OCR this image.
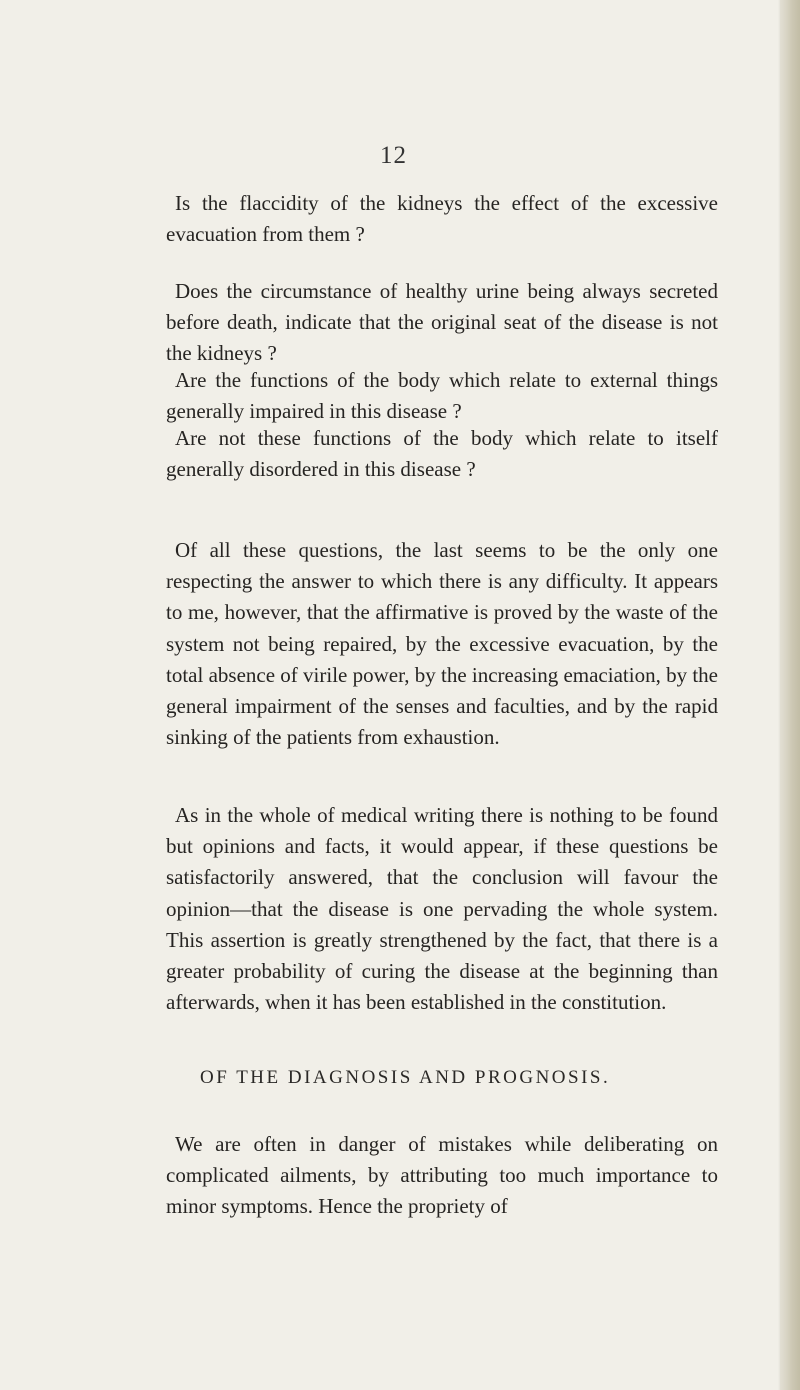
12

Is the flaccidity of the kidneys the effect of the excessive evacuation from them ?

Does the circumstance of healthy urine being always secreted before death, indicate that the original seat of the disease is not the kidneys ?

Are the functions of the body which relate to external things generally impaired in this disease ?

Are not these functions of the body which relate to itself generally disordered in this disease ?

Of all these questions, the last seems to be the only one respecting the answer to which there is any difficulty. It appears to me, however, that the affirmative is proved by the waste of the system not being repaired, by the excessive evacuation, by the total absence of virile power, by the increasing emaciation, by the general impairment of the senses and faculties, and by the rapid sinking of the patients from exhaustion.

As in the whole of medical writing there is nothing to be found but opinions and facts, it would appear, if these questions be satisfactorily answered, that the conclusion will favour the opinion—that the disease is one pervading the whole system. This assertion is greatly strengthened by the fact, that there is a greater probability of curing the disease at the beginning than afterwards, when it has been established in the constitution.

OF THE DIAGNOSIS AND PROGNOSIS.

We are often in danger of mistakes while deliberating on complicated ailments, by attributing too much importance to minor symptoms. Hence the propriety of
